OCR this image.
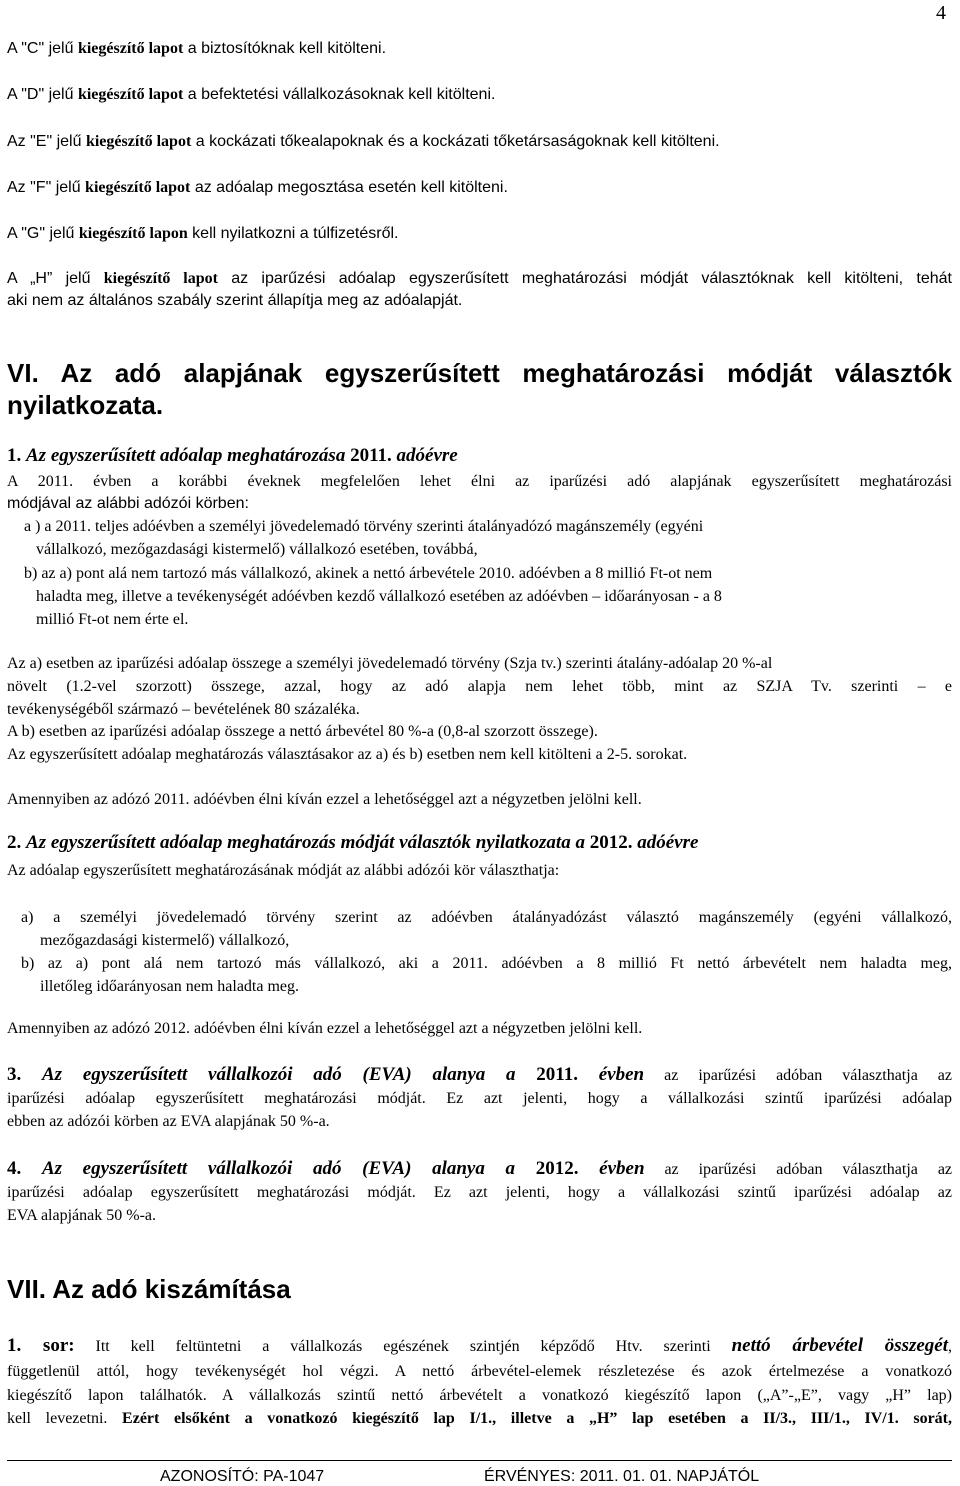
4
A "C" jelű kiegészítő lapot a biztosítóknak kell kitölteni.
A "D" jelű kiegészítő lapot a befektetési vállalkozásoknak kell kitölteni.
Az "E" jelű kiegészítő lapot a kockázati tőkealapoknak és a kockázati tőketársaságoknak kell kitölteni.
Az "F" jelű kiegészítő lapot az adóalap megosztása esetén kell kitölteni.
A "G" jelű kiegészítő lapon kell nyilatkozni a túlfizetésről.
A „H” jelű kiegészítő lapot az iparűzési adóalap egyszerűsített meghatározási módját választóknak kell kitölteni, tehát
aki nem az általános szabály szerint állapítja meg az adóalapját.
VI. Az adó alapjának egyszerűsített meghatározási módját választók
nyilatkozata.
1. Az egyszerűsített adóalap meghatározása 2011. adóévre
A 2011. évben a korábbi éveknek megfelelően lehet élni az iparűzési adó alapjának egyszerűsített meghatározási
módjával az alábbi adózói körben:
a ) a 2011. teljes adóévben a személyi jövedelemadó törvény szerinti átalányadózó magánszemély (egyéni
vállalkozó, mezőgazdasági kistermelő) vállalkozó esetében, továbbá,
b) az a) pont alá nem tartozó más vállalkozó, akinek a nettó árbevétele 2010. adóévben a 8 millió Ft-ot nem
haladta meg, illetve a tevékenységét adóévben kezdő vállalkozó esetében az adóévben – időarányosan - a 8
millió Ft-ot nem érte el.
Az a) esetben az iparűzési adóalap összege a személyi jövedelemadó törvény (Szja tv.) szerinti átalány-adóalap 20 %-al
növelt (1.2-vel szorzott) összege, azzal, hogy az adó alapja nem lehet több, mint az SZJA Tv. szerinti – e
tevékenységéből származó – bevételének 80 százaléka.
A b) esetben az iparűzési adóalap összege a nettó árbevétel 80 %-a (0,8-al szorzott összege).
Az egyszerűsített adóalap meghatározás választásakor az a) és b) esetben nem kell kitölteni a 2-5. sorokat.
Amennyiben az adózó 2011. adóévben élni kíván ezzel a lehetőséggel azt a négyzetben jelölni kell.
2. Az egyszerűsített adóalap meghatározás módját választók nyilatkozata a 2012. adóévre
Az adóalap egyszerűsített meghatározásának módját az alábbi adózói kör választhatja:
a) a személyi jövedelemadó törvény szerint az adóévben átalányadózást választó magánszemély (egyéni vállalkozó,
mezőgazdasági kistermelő) vállalkozó,
b) az a) pont alá nem tartozó más vállalkozó, aki a 2011. adóévben a 8 millió Ft nettó árbevételt nem haladta meg,
illetőleg időarányosan nem haladta meg.
Amennyiben az adózó 2012. adóévben élni kíván ezzel a lehetőséggel azt a négyzetben jelölni kell.
3. Az egyszerűsített vállalkozói adó (EVA) alanya a 2011. évben az iparűzési adóban választhatja az
iparűzési adóalap egyszerűsített meghatározási módját. Ez azt jelenti, hogy a vállalkozási szintű iparűzési adóalap
ebben az adózói körben az EVA alapjának 50 %-a.
4. Az egyszerűsített vállalkozói adó (EVA) alanya a 2012. évben az iparűzési adóban választhatja az
iparűzési adóalap egyszerűsített meghatározási módját. Ez azt jelenti, hogy a vállalkozási szintű iparűzési adóalap az
EVA alapjának 50 %-a.
VII. Az adó kiszámítása
1. sor: Itt kell feltüntetni a vállalkozás egészének szintjén képződő Htv. szerinti nettó árbevétel összegét,
függetlenül attól, hogy tevékenységét hol végzi. A nettó árbevétel-elemek részletezése és azok értelmezése a vonatkozó
kiegészítő lapon találhatók. A vállalkozás szintű nettó árbevételt a vonatkozó kiegészítő lapon („A”-„E”, vagy „H” lap)
kell levezetni. Ezért elsőként a vonatkozó kiegészítő lap I/1., illetve a „H” lap esetében a II/3., III/1., IV/1. sorát,
AZONOSÍTÓ: PA-1047	ÉRVÉNYES: 2011. 01. 01. NAPJÁTÓL
